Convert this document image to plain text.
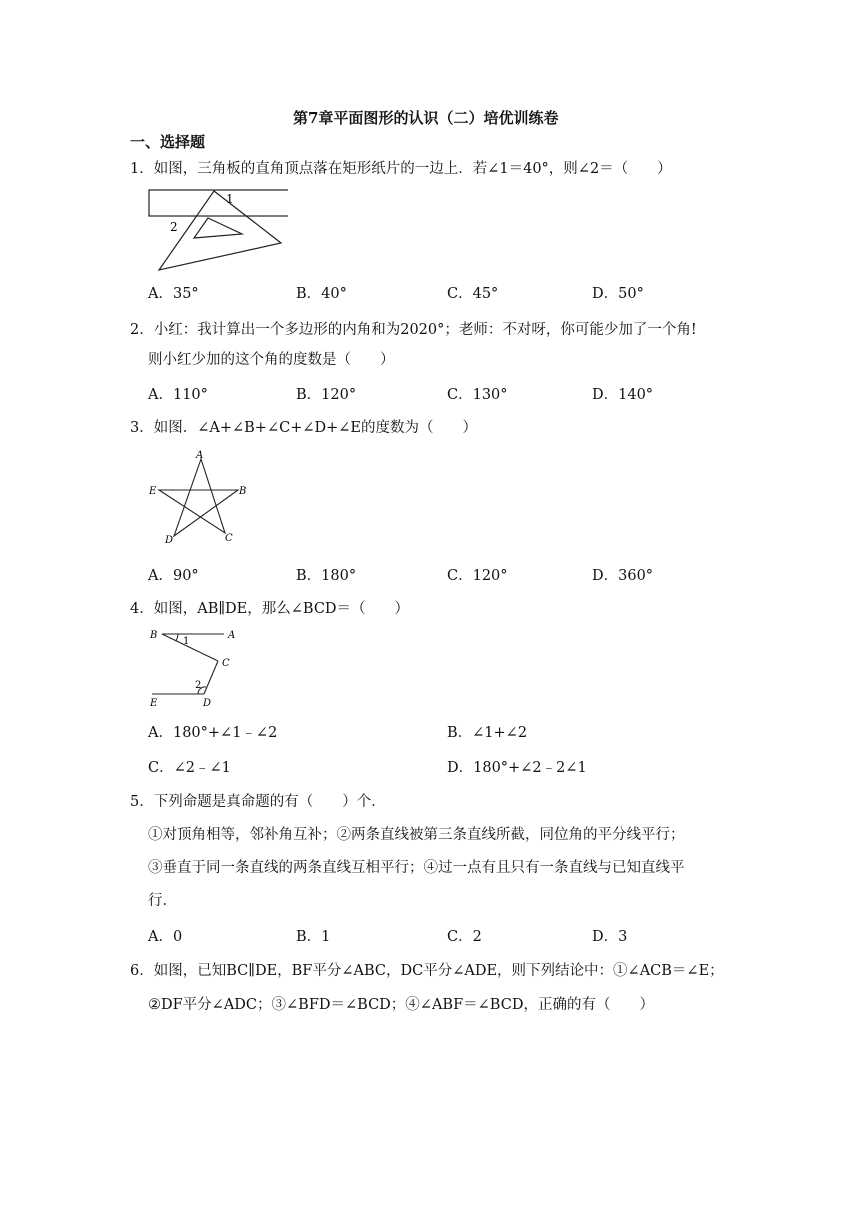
第7章平面图形的认识（二）培优训练卷
一、选择题
1．如图，三角板的直角顶点落在矩形纸片的一边上．若∠1＝40°，则∠2＝（　　）
1
2
A．35°	B．40°	C．45°	D．50°
2．小红：我计算出一个多边形的内角和为2020°；老师：不对呀，你可能少加了一个角!
则小红少加的这个角的度数是（　　）
A．110°	B．120°	C．130°	D．140°
3．如图．∠A+∠B+∠C+∠D+∠E的度数为（　　）
A
B
C
D
E
A．90°	B．180°	C．120°	D．360°
4．如图，AB∥DE，那么∠BCD＝（　　）
B	A
1
C
2
E	D
A．180°+∠1﹣∠2	B．∠1+∠2
C．∠2﹣∠1	D．180°+∠2﹣2∠1
5．下列命题是真命题的有（　　）个．
①对顶角相等，邻补角互补；②两条直线被第三条直线所截，同位角的平分线平行；
③垂直于同一条直线的两条直线互相平行；④过一点有且只有一条直线与已知直线平
行．
A．0	B．1	C．2	D．3
6．如图，已知BC∥DE，BF平分∠ABC，DC平分∠ADE，则下列结论中：①∠ACB＝∠E；
②DF平分∠ADC；③∠BFD＝∠BCD；④∠ABF＝∠BCD，正确的有（　　）
